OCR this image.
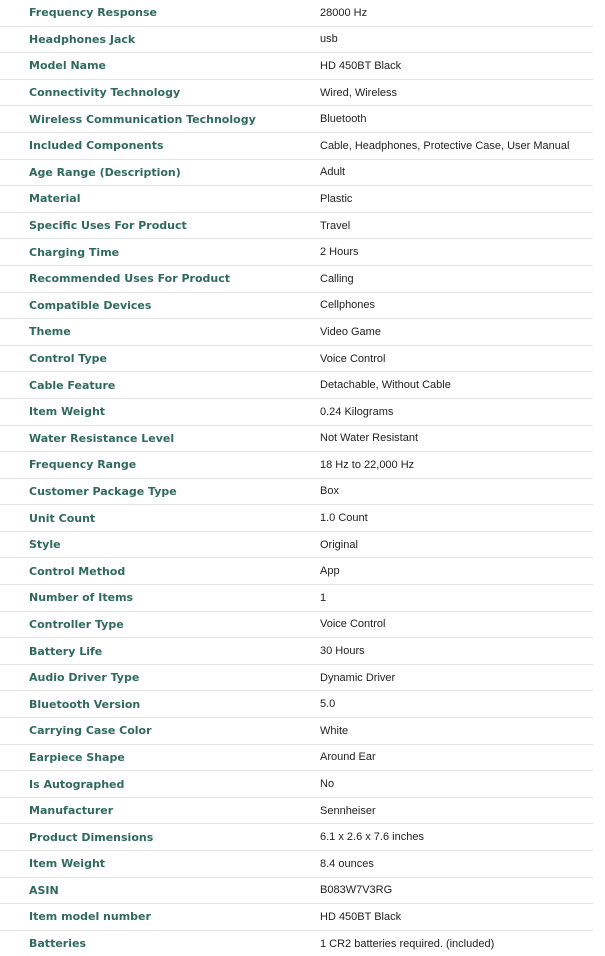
Frequency Response	28000 Hz
Headphones Jack	usb
Model Name	HD 450BT Black
Connectivity Technology	Wired, Wireless
Wireless Communication Technology	Bluetooth
Included Components	Cable, Headphones, Protective Case, User Manual
Age Range (Description)	Adult
Material	Plastic
Specific Uses For Product	Travel
Charging Time	2 Hours
Recommended Uses For Product	Calling
Compatible Devices	Cellphones
Theme	Video Game
Control Type	Voice Control
Cable Feature	Detachable, Without Cable
Item Weight	0.24 Kilograms
Water Resistance Level	Not Water Resistant
Frequency Range	18 Hz to 22,000 Hz
Customer Package Type	Box
Unit Count	1.0 Count
Style	Original
Control Method	App
Number of Items	1
Controller Type	Voice Control
Battery Life	30 Hours
Audio Driver Type	Dynamic Driver
Bluetooth Version	5.0
Carrying Case Color	White
Earpiece Shape	Around Ear
Is Autographed	No
Manufacturer	Sennheiser
Product Dimensions	6.1 x 2.6 x 7.6 inches
Item Weight	8.4 ounces
ASIN	B083W7V3RG
Item model number	HD 450BT Black
Batteries	1 CR2 batteries required. (included)
